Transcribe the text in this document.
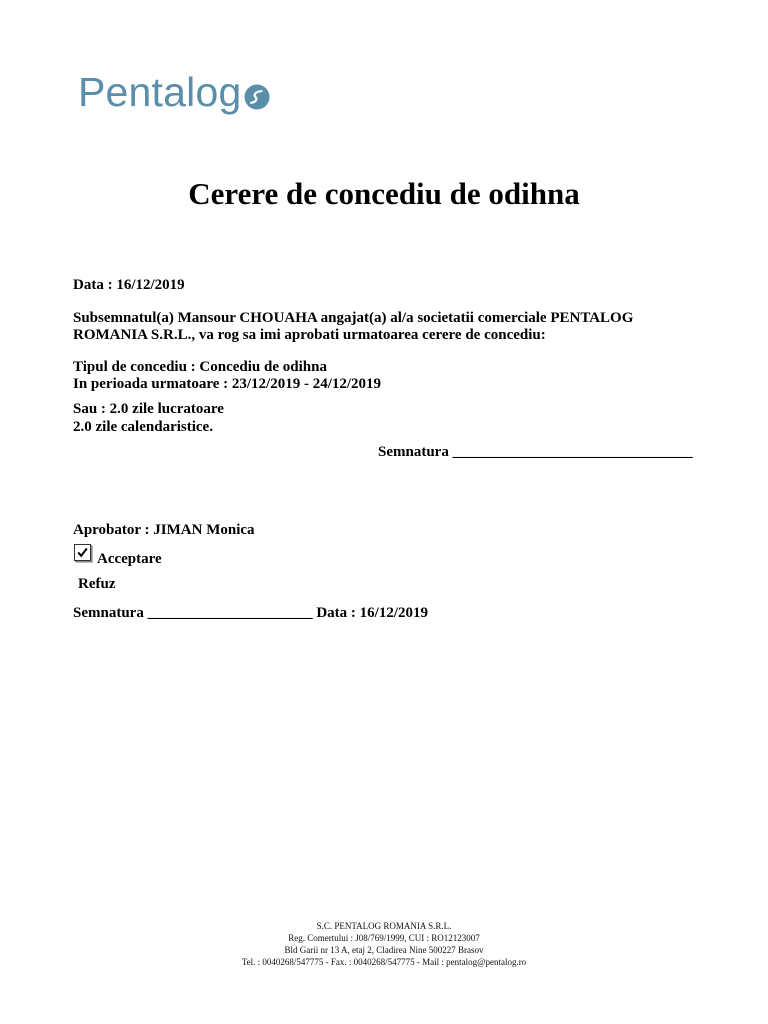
Pentalog
Cerere de concediu de odihna
Data : 16/12/2019
Subsemnatul(a) Mansour CHOUAHA angajat(a) al/a societatii comerciale PENTALOG ROMANIA S.R.L., va rog sa imi aprobati urmatoarea cerere de concediu:
Tipul de concediu : Concediu de odihna
In perioada urmatoare : 23/12/2019 - 24/12/2019
Sau : 2.0 zile lucratoare
2.0 zile calendaristice.
Semnatura ________________________________
Aprobator : JIMAN Monica
Acceptare
Refuz
Semnatura ______________________ Data : 16/12/2019
S.C. PENTALOG ROMANIA S.R.L.
Reg. Comertului : J08/769/1999, CUI : RO12123007
Bld Garii nr 13 A, etaj 2, Cladirea Nine 500227 Brasov
Tel. : 0040268/547775 - Fax. : 0040268/547775 - Mail : pentalog@pentalog.ro
